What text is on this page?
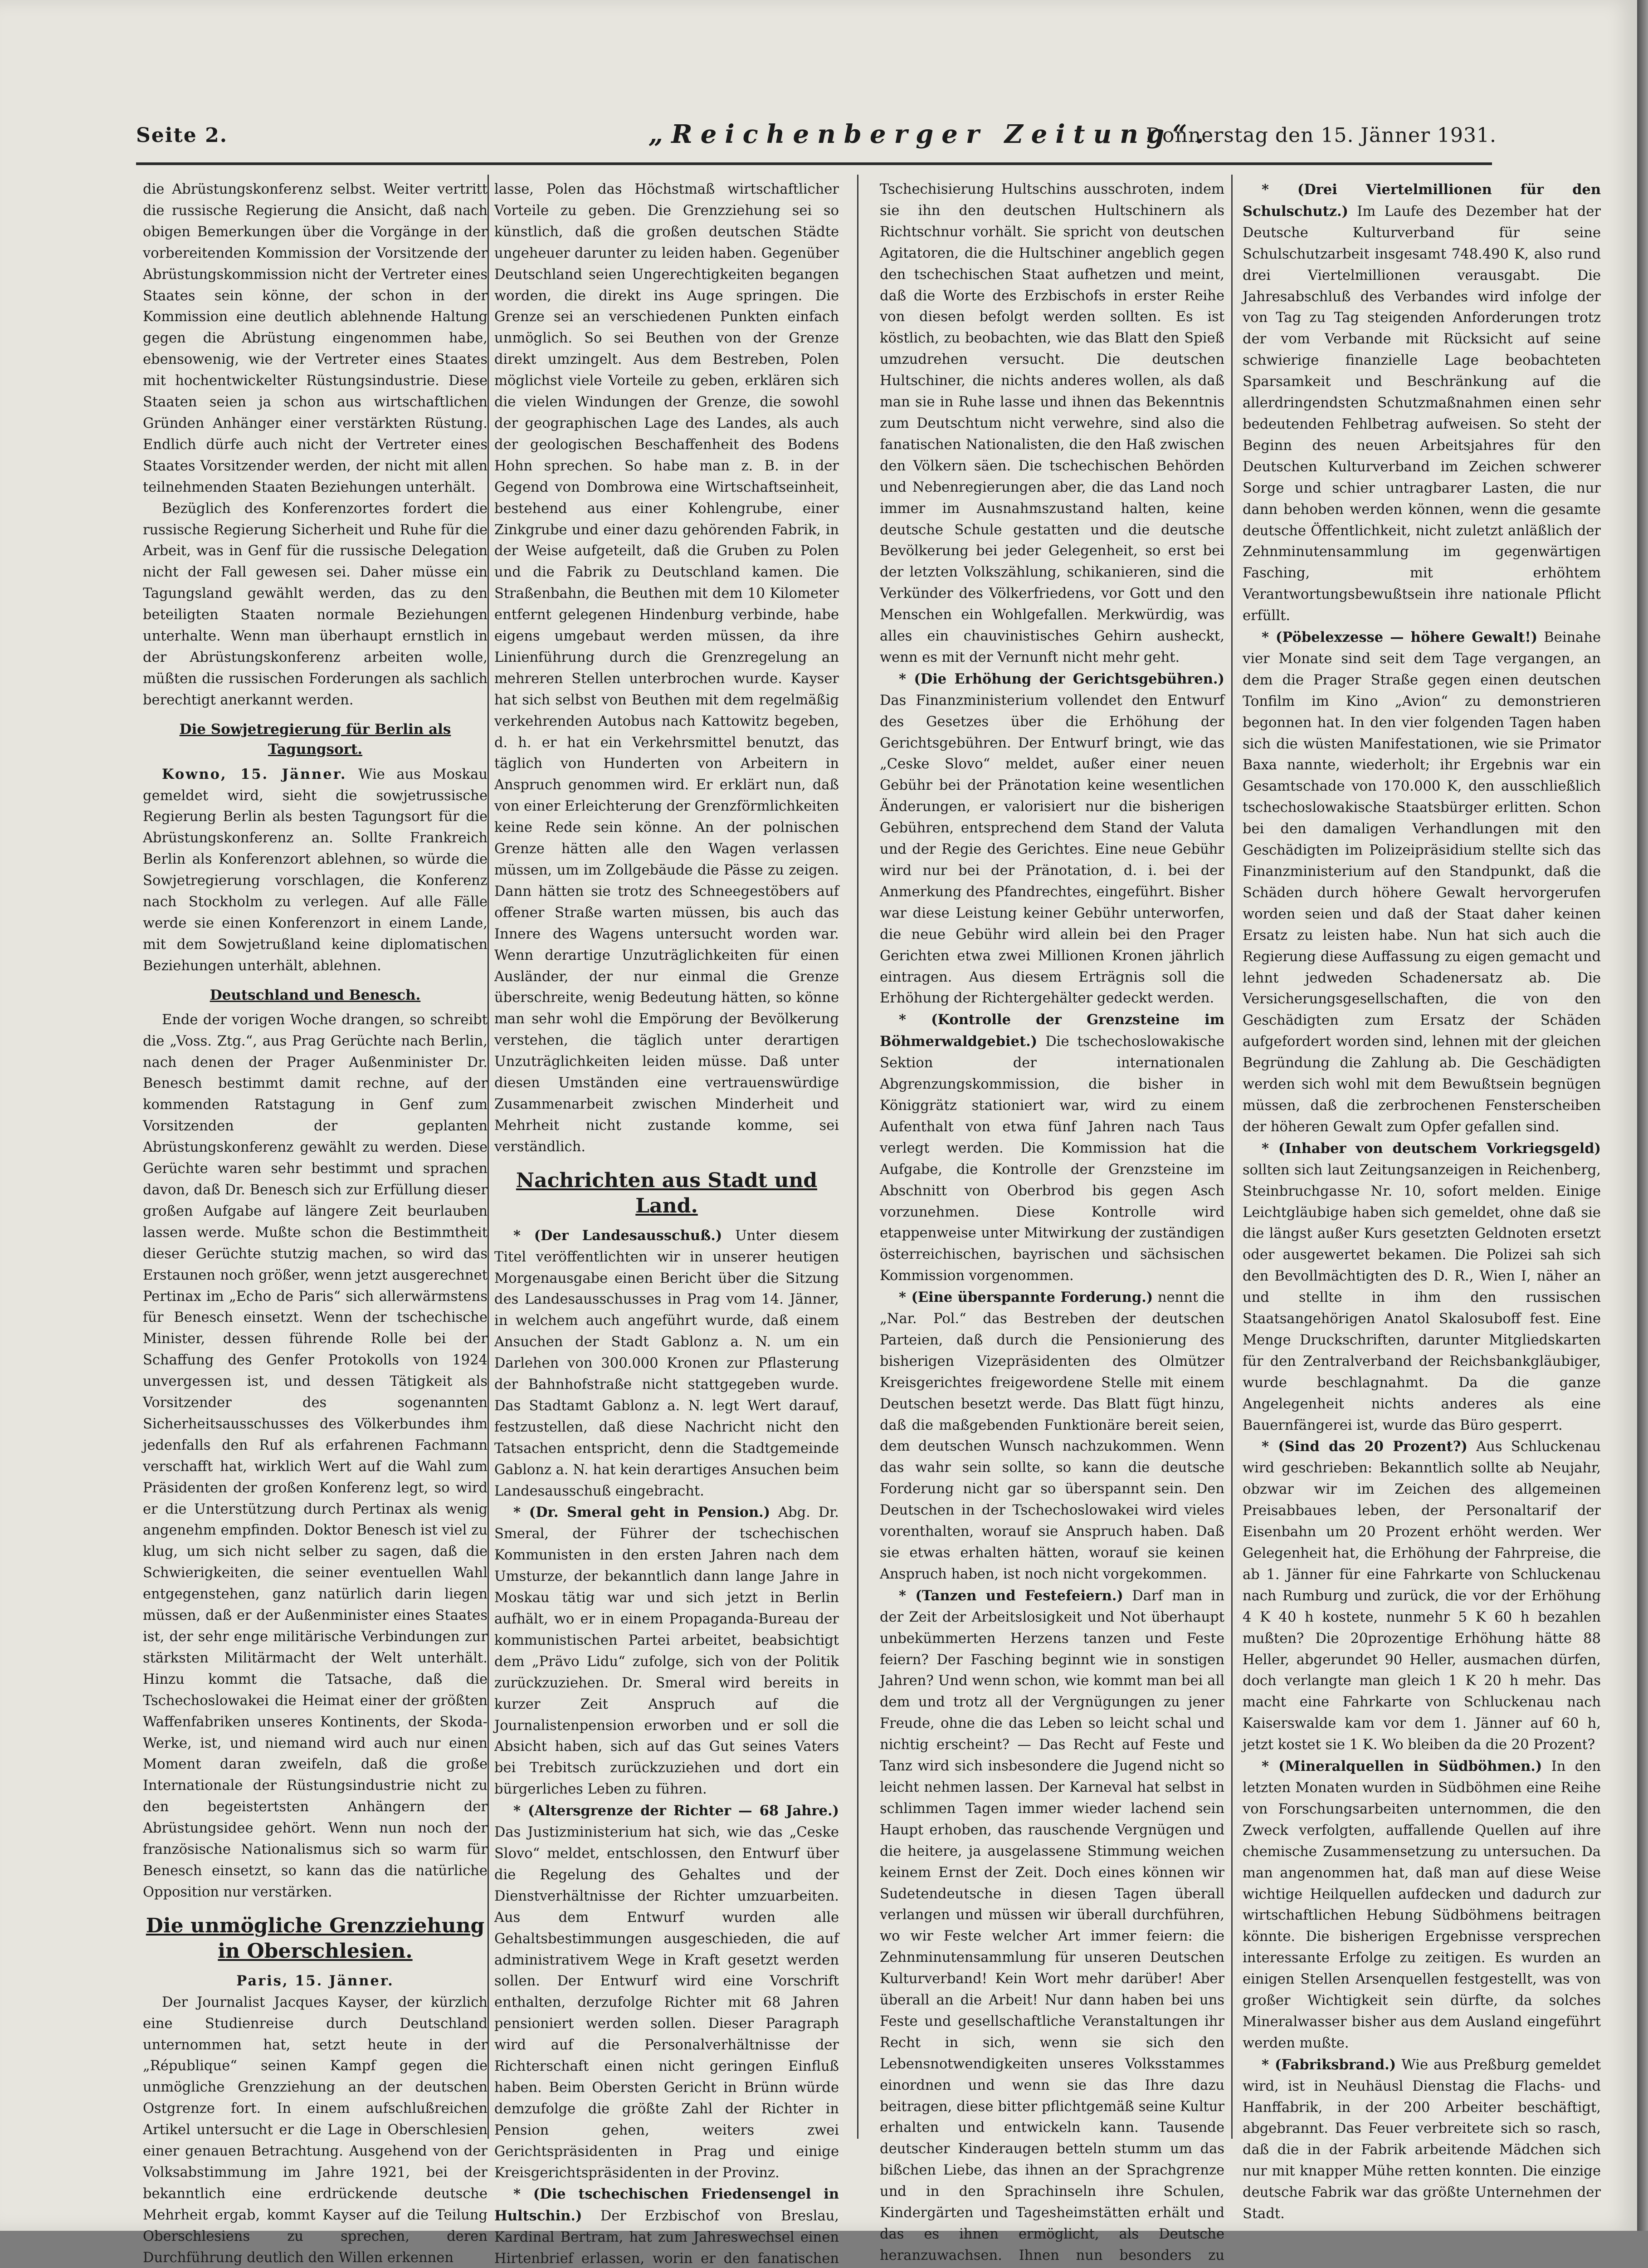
Seite 2.	„Reichenberger Zeitung“.
Donnerstag den 15. Jänner 1931.

die Abrüstungskonferenz selbst. Weiter vertritt die russische Regierung die Ansicht, daß nach obigen Bemerkungen über die Vorgänge in der vorbereitenden Kommission der Vorsitzende der Abrüstungskommission nicht der Vertreter eines Staates sein könne, der schon in der Kommission eine deutlich ablehnende Haltung gegen die Abrüstung eingenommen habe, ebensowenig, wie der Vertreter eines Staates mit hochentwickelter Rüstungsindustrie. Diese Staaten seien ja schon aus wirtschaftlichen Gründen Anhänger einer verstärkten Rüstung. Endlich dürfe auch nicht der Vertreter eines Staates Vorsitzender werden, der nicht mit allen teilnehmenden Staaten Beziehungen unterhält.

Bezüglich des Konferenzortes fordert die russische Regierung Sicherheit und Ruhe für die Arbeit, was in Genf für die russische Delegation nicht der Fall gewesen sei. Daher müsse ein Tagungsland gewählt werden, das zu den beteiligten Staaten normale Beziehungen unterhalte. Wenn man überhaupt ernstlich in der Abrüstungskonferenz arbeiten wolle, müßten die russischen Forderungen als sachlich berechtigt anerkannt werden.

Die Sowjetregierung für Berlin als Tagungsort.

Kowno, 15. Jänner. Wie aus Moskau gemeldet wird, sieht die sowjetrussische Regierung Berlin als besten Tagungsort für die Abrüstungskonferenz an. Sollte Frankreich Berlin als Konferenzort ablehnen, so würde die Sowjetregierung vorschlagen, die Konferenz nach Stockholm zu verlegen. Auf alle Fälle werde sie einen Konferenzort in einem Lande, mit dem Sowjetrußland keine diplomatischen Beziehungen unterhält, ablehnen.

Deutschland und Benesch.

Ende der vorigen Woche drangen, so schreibt die „Voss. Ztg.“, aus Prag Gerüchte nach Berlin, nach denen der Prager Außenminister Dr. Benesch bestimmt damit rechne, auf der kommenden Ratstagung in Genf zum Vorsitzenden der geplanten Abrüstungskonferenz gewählt zu werden. Diese Gerüchte waren sehr bestimmt und sprachen davon, daß Dr. Benesch sich zur Erfüllung dieser großen Aufgabe auf längere Zeit beurlauben lassen werde. Mußte schon die Bestimmtheit dieser Gerüchte stutzig machen, so wird das Erstaunen noch größer, wenn jetzt ausgerechnet Pertinax im „Echo de Paris“ sich allerwärmstens für Benesch einsetzt. Wenn der tschechische Minister, dessen führende Rolle bei der Schaffung des Genfer Protokolls von 1924 unvergessen ist, und dessen Tätigkeit als Vorsitzender des sogenannten Sicherheitsausschusses des Völkerbundes ihm jedenfalls den Ruf als erfahrenen Fachmann verschafft hat, wirklich Wert auf die Wahl zum Präsidenten der großen Konferenz legt, so wird er die Unterstützung durch Pertinax als wenig angenehm empfinden. Doktor Benesch ist viel zu klug, um sich nicht selber zu sagen, daß die Schwierigkeiten, die seiner eventuellen Wahl entgegenstehen, ganz natürlich darin liegen müssen, daß er der Außenminister eines Staates ist, der sehr enge militärische Verbindungen zur stärksten Militärmacht der Welt unterhält. Hinzu kommt die Tatsache, daß die Tschechoslowakei die Heimat einer der größten Waffenfabriken unseres Kontinents, der Skoda-Werke, ist, und niemand wird auch nur einen Moment daran zweifeln, daß die große Internationale der Rüstungsindustrie nicht zu den begeistertsten Anhängern der Abrüstungsidee gehört. Wenn nun noch der französische Nationalismus sich so warm für Benesch einsetzt, so kann das die natürliche Opposition nur verstärken.

Die unmögliche Grenzziehung in Oberschlesien.

Paris, 15. Jänner.

Der Journalist Jacques Kayser, der kürzlich eine Studienreise durch Deutschland unternommen hat, setzt heute in der „République“ seinen Kampf gegen die unmögliche Grenzziehung an der deutschen Ostgrenze fort. In einem aufschlußreichen Artikel untersucht er die Lage in Oberschlesien einer genauen Betrachtung. Ausgehend von der Volksabstimmung im Jahre 1921, bei der bekanntlich eine erdrückende deutsche Mehrheit ergab, kommt Kayser auf die Teilung Oberschlesiens zu sprechen, deren Durchführung deutlich den Willen erkennen

lasse, Polen das Höchstmaß wirtschaftlicher Vorteile zu geben. Die Grenzziehung sei so künstlich, daß die großen deutschen Städte ungeheuer darunter zu leiden haben. Gegenüber Deutschland seien Ungerechtigkeiten begangen worden, die direkt ins Auge springen. Die Grenze sei an verschiedenen Punkten einfach unmöglich. So sei Beuthen von der Grenze direkt umzingelt. Aus dem Bestreben, Polen möglichst viele Vorteile zu geben, erklären sich die vielen Windungen der Grenze, die sowohl der geographischen Lage des Landes, als auch der geologischen Beschaffenheit des Bodens Hohn sprechen. So habe man z. B. in der Gegend von Dombrowa eine Wirtschaftseinheit, bestehend aus einer Kohlengrube, einer Zinkgrube und einer dazu gehörenden Fabrik, in der Weise aufgeteilt, daß die Gruben zu Polen und die Fabrik zu Deutschland kamen. Die Straßenbahn, die Beuthen mit dem 10 Kilometer entfernt gelegenen Hindenburg verbinde, habe eigens umgebaut werden müssen, da ihre Linienführung durch die Grenzregelung an mehreren Stellen unterbrochen wurde. Kayser hat sich selbst von Beuthen mit dem regelmäßig verkehrenden Autobus nach Kattowitz begeben, d. h. er hat ein Verkehrsmittel benutzt, das täglich von Hunderten von Arbeitern in Anspruch genommen wird. Er erklärt nun, daß von einer Erleichterung der Grenzförmlichkeiten keine Rede sein könne. An der polnischen Grenze hätten alle den Wagen verlassen müssen, um im Zollgebäude die Pässe zu zeigen. Dann hätten sie trotz des Schneegestöbers auf offener Straße warten müssen, bis auch das Innere des Wagens untersucht worden war. Wenn derartige Unzuträglichkeiten für einen Ausländer, der nur einmal die Grenze überschreite, wenig Bedeutung hätten, so könne man sehr wohl die Empörung der Bevölkerung verstehen, die täglich unter derartigen Unzuträglichkeiten leiden müsse. Daß unter diesen Umständen eine vertrauenswürdige Zusammenarbeit zwischen Minderheit und Mehrheit nicht zustande komme, sei verständlich.

Nachrichten aus Stadt und Land.

* (Der Landesausschuß.) Unter diesem Titel veröffentlichten wir in unserer heutigen Morgenausgabe einen Bericht über die Sitzung des Landesausschusses in Prag vom 14. Jänner, in welchem auch angeführt wurde, daß einem Ansuchen der Stadt Gablonz a. N. um ein Darlehen von 300.000 Kronen zur Pflasterung der Bahnhofstraße nicht stattgegeben wurde. Das Stadtamt Gablonz a. N. legt Wert darauf, festzustellen, daß diese Nachricht nicht den Tatsachen entspricht, denn die Stadtgemeinde Gablonz a. N. hat kein derartiges Ansuchen beim Landesausschuß eingebracht.

* (Dr. Smeral geht in Pension.) Abg. Dr. Smeral, der Führer der tschechischen Kommunisten in den ersten Jahren nach dem Umsturze, der bekanntlich dann lange Jahre in Moskau tätig war und sich jetzt in Berlin aufhält, wo er in einem Propaganda-Bureau der kommunistischen Partei arbeitet, beabsichtigt dem „Prävo Lidu“ zufolge, sich von der Politik zurückzuziehen. Dr. Smeral wird bereits in kurzer Zeit Anspruch auf die Journalistenpension erworben und er soll die Absicht haben, sich auf das Gut seines Vaters bei Trebitsch zurückzuziehen und dort ein bürgerliches Leben zu führen.

* (Altersgrenze der Richter — 68 Jahre.) Das Justizministerium hat sich, wie das „Ceske Slovo“ meldet, entschlossen, den Entwurf über die Regelung des Gehaltes und der Dienstverhältnisse der Richter umzuarbeiten. Aus dem Entwurf wurden alle Gehaltsbestimmungen ausgeschieden, die auf administrativem Wege in Kraft gesetzt werden sollen. Der Entwurf wird eine Vorschrift enthalten, derzufolge Richter mit 68 Jahren pensioniert werden sollen. Dieser Paragraph wird auf die Personalverhältnisse der Richterschaft einen nicht geringen Einfluß haben. Beim Obersten Gericht in Brünn würde demzufolge die größte Zahl der Richter in Pension gehen, weiters zwei Gerichtspräsidenten in Prag und einige Kreisgerichtspräsidenten in der Provinz.

* (Die tschechischen Friedensengel in Hultschin.) Der Erzbischof von Breslau, Kardinal Bertram, hat zum Jahreswechsel einen Hirtenbrief erlassen, worin er den fanatischen

Tschechisierung Hultschins ausschroten, indem sie ihn den deutschen Hultschinern als Richtschnur vorhält. Sie spricht von deutschen Agitatoren, die die Hultschiner angeblich gegen den tschechischen Staat aufhetzen und meint, daß die Worte des Erzbischofs in erster Reihe von diesen befolgt werden sollten. Es ist köstlich, zu beobachten, wie das Blatt den Spieß umzudrehen versucht. Die deutschen Hultschiner, die nichts anderes wollen, als daß man sie in Ruhe lasse und ihnen das Bekenntnis zum Deutschtum nicht verwehre, sind also die fanatischen Nationalisten, die den Haß zwischen den Völkern säen. Die tschechischen Behörden und Nebenregierungen aber, die das Land noch immer im Ausnahmszustand halten, keine deutsche Schule gestatten und die deutsche Bevölkerung bei jeder Gelegenheit, so erst bei der letzten Volkszählung, schikanieren, sind die Verkünder des Völkerfriedens, vor Gott und den Menschen ein Wohlgefallen. Merkwürdig, was alles ein chauvinistisches Gehirn ausheckt, wenn es mit der Vernunft nicht mehr geht.

* (Die Erhöhung der Gerichtsgebühren.) Das Finanzministerium vollendet den Entwurf des Gesetzes über die Erhöhung der Gerichtsgebühren. Der Entwurf bringt, wie das „Ceske Slovo“ meldet, außer einer neuen Gebühr bei der Pränotation keine wesentlichen Änderungen, er valorisiert nur die bisherigen Gebühren, entsprechend dem Stand der Valuta und der Regie des Gerichtes. Eine neue Gebühr wird nur bei der Pränotation, d. i. bei der Anmerkung des Pfandrechtes, eingeführt. Bisher war diese Leistung keiner Gebühr unterworfen, die neue Gebühr wird allein bei den Prager Gerichten etwa zwei Millionen Kronen jährlich eintragen. Aus diesem Erträgnis soll die Erhöhung der Richtergehälter gedeckt werden.

* (Kontrolle der Grenzsteine im Böhmerwaldgebiet.) Die tschechoslowakische Sektion der internationalen Abgrenzungskommission, die bisher in Königgrätz stationiert war, wird zu einem Aufenthalt von etwa fünf Jahren nach Taus verlegt werden. Die Kommission hat die Aufgabe, die Kontrolle der Grenzsteine im Abschnitt von Oberbrod bis gegen Asch vorzunehmen. Diese Kontrolle wird etappenweise unter Mitwirkung der zuständigen österreichischen, bayrischen und sächsischen Kommission vorgenommen.

* (Eine überspannte Forderung.) nennt die „Nar. Pol.“ das Bestreben der deutschen Parteien, daß durch die Pensionierung des bisherigen Vizepräsidenten des Olmützer Kreisgerichtes freigewordene Stelle mit einem Deutschen besetzt werde. Das Blatt fügt hinzu, daß die maßgebenden Funktionäre bereit seien, dem deutschen Wunsch nachzukommen. Wenn das wahr sein sollte, so kann die deutsche Forderung nicht gar so überspannt sein. Den Deutschen in der Tschechoslowakei wird vieles vorenthalten, worauf sie Anspruch haben. Daß sie etwas erhalten hätten, worauf sie keinen Anspruch haben, ist noch nicht vorgekommen.

* (Tanzen und Festefeiern.) Darf man in der Zeit der Arbeitslosigkeit und Not überhaupt unbekümmerten Herzens tanzen und Feste feiern? Der Fasching beginnt wie in sonstigen Jahren? Und wenn schon, wie kommt man bei all dem und trotz all der Vergnügungen zu jener Freude, ohne die das Leben so leicht schal und nichtig erscheint? — Das Recht auf Feste und Tanz wird sich insbesondere die Jugend nicht so leicht nehmen lassen. Der Karneval hat selbst in schlimmen Tagen immer wieder lachend sein Haupt erhoben, das rauschende Vergnügen und die heitere, ja ausgelassene Stimmung weichen keinem Ernst der Zeit. Doch eines können wir Sudetendeutsche in diesen Tagen überall verlangen und müssen wir überall durchführen, wo wir Feste welcher Art immer feiern: die Zehnminutensammlung für unseren Deutschen Kulturverband! Kein Wort mehr darüber! Aber überall an die Arbeit! Nur dann haben bei uns Feste und gesellschaftliche Veranstaltungen ihr Recht in sich, wenn sie sich den Lebensnotwendigkeiten unseres Volksstammes einordnen und wenn sie das Ihre dazu beitragen, diese bitter pflichtgemäß seine Kultur erhalten und entwickeln kann. Tausende deutscher Kinderaugen betteln stumm um das bißchen Liebe, das ihnen an der Sprachgrenze und in den Sprachinseln ihre Schulen, Kindergärten und Tagesheimstätten erhält und das es ihnen ermöglicht, als Deutsche heranzuwachsen. Ihnen nun besonders zu

* (Drei Viertelmillionen für den Schulschutz.) Im Laufe des Dezember hat der Deutsche Kulturverband für seine Schulschutzarbeit insgesamt 748.490 K, also rund drei Viertelmillionen verausgabt. Die Jahresabschluß des Verbandes wird infolge der von Tag zu Tag steigenden Anforderungen trotz der vom Verbande mit Rücksicht auf seine schwierige finanzielle Lage beobachteten Sparsamkeit und Beschränkung auf die allerdringendsten Schutzmaßnahmen einen sehr bedeutenden Fehlbetrag aufweisen. So steht der Beginn des neuen Arbeitsjahres für den Deutschen Kulturverband im Zeichen schwerer Sorge und schier untragbarer Lasten, die nur dann behoben werden können, wenn die gesamte deutsche Öffentlichkeit, nicht zuletzt anläßlich der Zehnminutensammlung im gegenwärtigen Fasching, mit erhöhtem Verantwortungsbewußtsein ihre nationale Pflicht erfüllt.

* (Pöbelexzesse — höhere Gewalt!) Beinahe vier Monate sind seit dem Tage vergangen, an dem die Prager Straße gegen einen deutschen Tonfilm im Kino „Avion“ zu demonstrieren begonnen hat. In den vier folgenden Tagen haben sich die wüsten Manifestationen, wie sie Primator Baxa nannte, wiederholt; ihr Ergebnis war ein Gesamtschade von 170.000 K, den ausschließlich tschechoslowakische Staatsbürger erlitten. Schon bei den damaligen Verhandlungen mit den Geschädigten im Polizeipräsidium stellte sich das Finanzministerium auf den Standpunkt, daß die Schäden durch höhere Gewalt hervorgerufen worden seien und daß der Staat daher keinen Ersatz zu leisten habe. Nun hat sich auch die Regierung diese Auffassung zu eigen gemacht und lehnt jedweden Schadenersatz ab. Die Versicherungsgesellschaften, die von den Geschädigten zum Ersatz der Schäden aufgefordert worden sind, lehnen mit der gleichen Begründung die Zahlung ab. Die Geschädigten werden sich wohl mit dem Bewußtsein begnügen müssen, daß die zerbrochenen Fensterscheiben der höheren Gewalt zum Opfer gefallen sind.

* (Inhaber von deutschem Vorkriegsgeld) sollten sich laut Zeitungsanzeigen in Reichenberg, Steinbruchgasse Nr. 10, sofort melden. Einige Leichtgläubige haben sich gemeldet, ohne daß sie die längst außer Kurs gesetzten Geldnoten ersetzt oder ausgewertet bekamen. Die Polizei sah sich den Bevollmächtigten des D. R., Wien I, näher an und stellte in ihm den russischen Staatsangehörigen Anatol Skalosuboff fest. Eine Menge Druckschriften, darunter Mitgliedskarten für den Zentralverband der Reichsbankgläubiger, wurde beschlagnahmt. Da die ganze Angelegenheit nichts anderes als eine Bauernfängerei ist, wurde das Büro gesperrt.

* (Sind das 20 Prozent?) Aus Schluckenau wird geschrieben: Bekanntlich sollte ab Neujahr, obzwar wir im Zeichen des allgemeinen Preisabbaues leben, der Personaltarif der Eisenbahn um 20 Prozent erhöht werden. Wer Gelegenheit hat, die Erhöhung der Fahrpreise, die ab 1. Jänner für eine Fahrkarte von Schluckenau nach Rumburg und zurück, die vor der Erhöhung 4 K 40 h kostete, nunmehr 5 K 60 h bezahlen mußten? Die 20prozentige Erhöhung hätte 88 Heller, abgerundet 90 Heller, ausmachen dürfen, doch verlangte man gleich 1 K 20 h mehr. Das macht eine Fahrkarte von Schluckenau nach Kaiserswalde kam vor dem 1. Jänner auf 60 h, jetzt kostet sie 1 K. Wo bleiben da die 20 Prozent?

* (Mineralquellen in Südböhmen.) In den letzten Monaten wurden in Südböhmen eine Reihe von Forschungsarbeiten unternommen, die den Zweck verfolgten, auffallende Quellen auf ihre chemische Zusammensetzung zu untersuchen. Da man angenommen hat, daß man auf diese Weise wichtige Heilquellen aufdecken und dadurch zur wirtschaftlichen Hebung Südböhmens beitragen könnte. Die bisherigen Ergebnisse versprechen interessante Erfolge zu zeitigen. Es wurden an einigen Stellen Arsenquellen festgestellt, was von großer Wichtigkeit sein dürfte, da solches Mineralwasser bisher aus dem Ausland eingeführt werden mußte.

* (Fabriksbrand.) Wie aus Preßburg gemeldet wird, ist in Neuhäusl Dienstag die Flachs- und Hanffabrik, in der 200 Arbeiter beschäftigt, abgebrannt. Das Feuer verbreitete sich so rasch, daß die in der Fabrik arbeitende Mädchen sich nur mit knapper Mühe retten konnten. Die einzige deutsche Fabrik war das größte Unternehmen der Stadt.
